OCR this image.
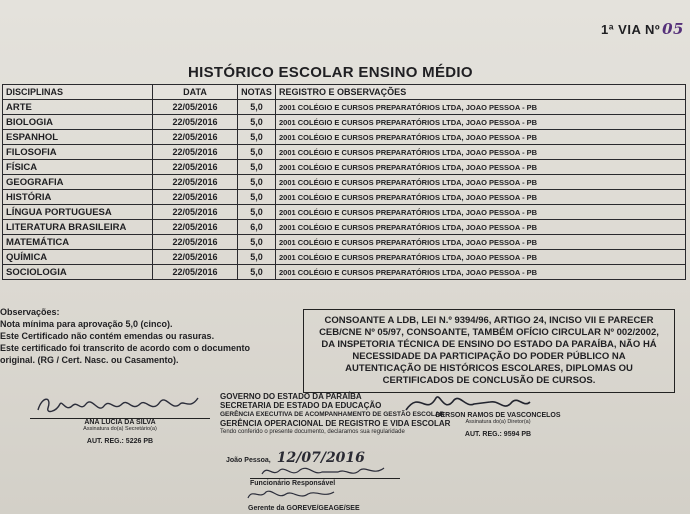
1ª VIA Nº 05
HISTÓRICO ESCOLAR ENSINO MÉDIO
DISCIPLINAS	DATA	NOTAS	REGISTRO E OBSERVAÇÕES
ARTE	22/05/2016	5,0	2001 COLÉGIO E CURSOS PREPARATÓRIOS LTDA, JOAO PESSOA - PB
BIOLOGIA	22/05/2016	5,0	2001 COLÉGIO E CURSOS PREPARATÓRIOS LTDA, JOAO PESSOA - PB
ESPANHOL	22/05/2016	5,0	2001 COLÉGIO E CURSOS PREPARATÓRIOS LTDA, JOAO PESSOA - PB
FILOSOFIA	22/05/2016	5,0	2001 COLÉGIO E CURSOS PREPARATÓRIOS LTDA, JOAO PESSOA - PB
FÍSICA	22/05/2016	5,0	2001 COLÉGIO E CURSOS PREPARATÓRIOS LTDA, JOAO PESSOA - PB
GEOGRAFIA	22/05/2016	5,0	2001 COLÉGIO E CURSOS PREPARATÓRIOS LTDA, JOAO PESSOA - PB
HISTÓRIA	22/05/2016	5,0	2001 COLÉGIO E CURSOS PREPARATÓRIOS LTDA, JOAO PESSOA - PB
LÍNGUA PORTUGUESA	22/05/2016	5,0	2001 COLÉGIO E CURSOS PREPARATÓRIOS LTDA, JOAO PESSOA - PB
LITERATURA BRASILEIRA	22/05/2016	6,0	2001 COLÉGIO E CURSOS PREPARATÓRIOS LTDA, JOAO PESSOA - PB
MATEMÁTICA	22/05/2016	5,0	2001 COLÉGIO E CURSOS PREPARATÓRIOS LTDA, JOAO PESSOA - PB
QUÍMICA	22/05/2016	5,0	2001 COLÉGIO E CURSOS PREPARATÓRIOS LTDA, JOAO PESSOA - PB
SOCIOLOGIA	22/05/2016	5,0	2001 COLÉGIO E CURSOS PREPARATÓRIOS LTDA, JOAO PESSOA - PB
Observações:
Nota mínima para aprovação 5,0 (cinco).
Este Certificado não contém emendas ou rasuras.
Este certificado foi transcrito de acordo com o documento
original. (RG / Cert. Nasc. ou Casamento).
CONSOANTE A LDB, LEI N.º 9394/96, ARTIGO 24, INCISO VII E PARECER CEB/CNE Nº 05/97, CONSOANTE, TAMBÉM OFÍCIO CIRCULAR Nº 002/2002, DA INSPETORIA TÉCNICA DE ENSINO DO ESTADO DA PARAÍBA, NÃO HÁ NECESSIDADE DA PARTICIPAÇÃO DO PODER PÚBLICO NA AUTENTICAÇÃO DE HISTÓRICOS ESCOLARES, DIPLOMAS OU CERTIFICADOS DE CONCLUSÃO DE CURSOS.
ANA LUCIA DA SILVA
Assinatura do(a) Secretário(a)
AUT. REG.: 5226 PB
GOVERNO DO ESTADO DA PARAÍBA
SECRETARIA DE ESTADO DA EDUCAÇÃO
GERÊNCIA EXECUTIVA DE ACOMPANHAMENTO DE GESTÃO ESCOLAR
GERÊNCIA OPERACIONAL DE REGISTRO E VIDA ESCOLAR
Tendo conferido o presente documento, declaramos sua regularidade
DERSON RAMOS DE VASCONCELOS
Assinatura do(a) Diretor(a)
AUT. REG.: 9594 PB
João Pessoa, 12/07/2016
Funcionário Responsável
Gerente da GOREVE/GEAGE/SEE
